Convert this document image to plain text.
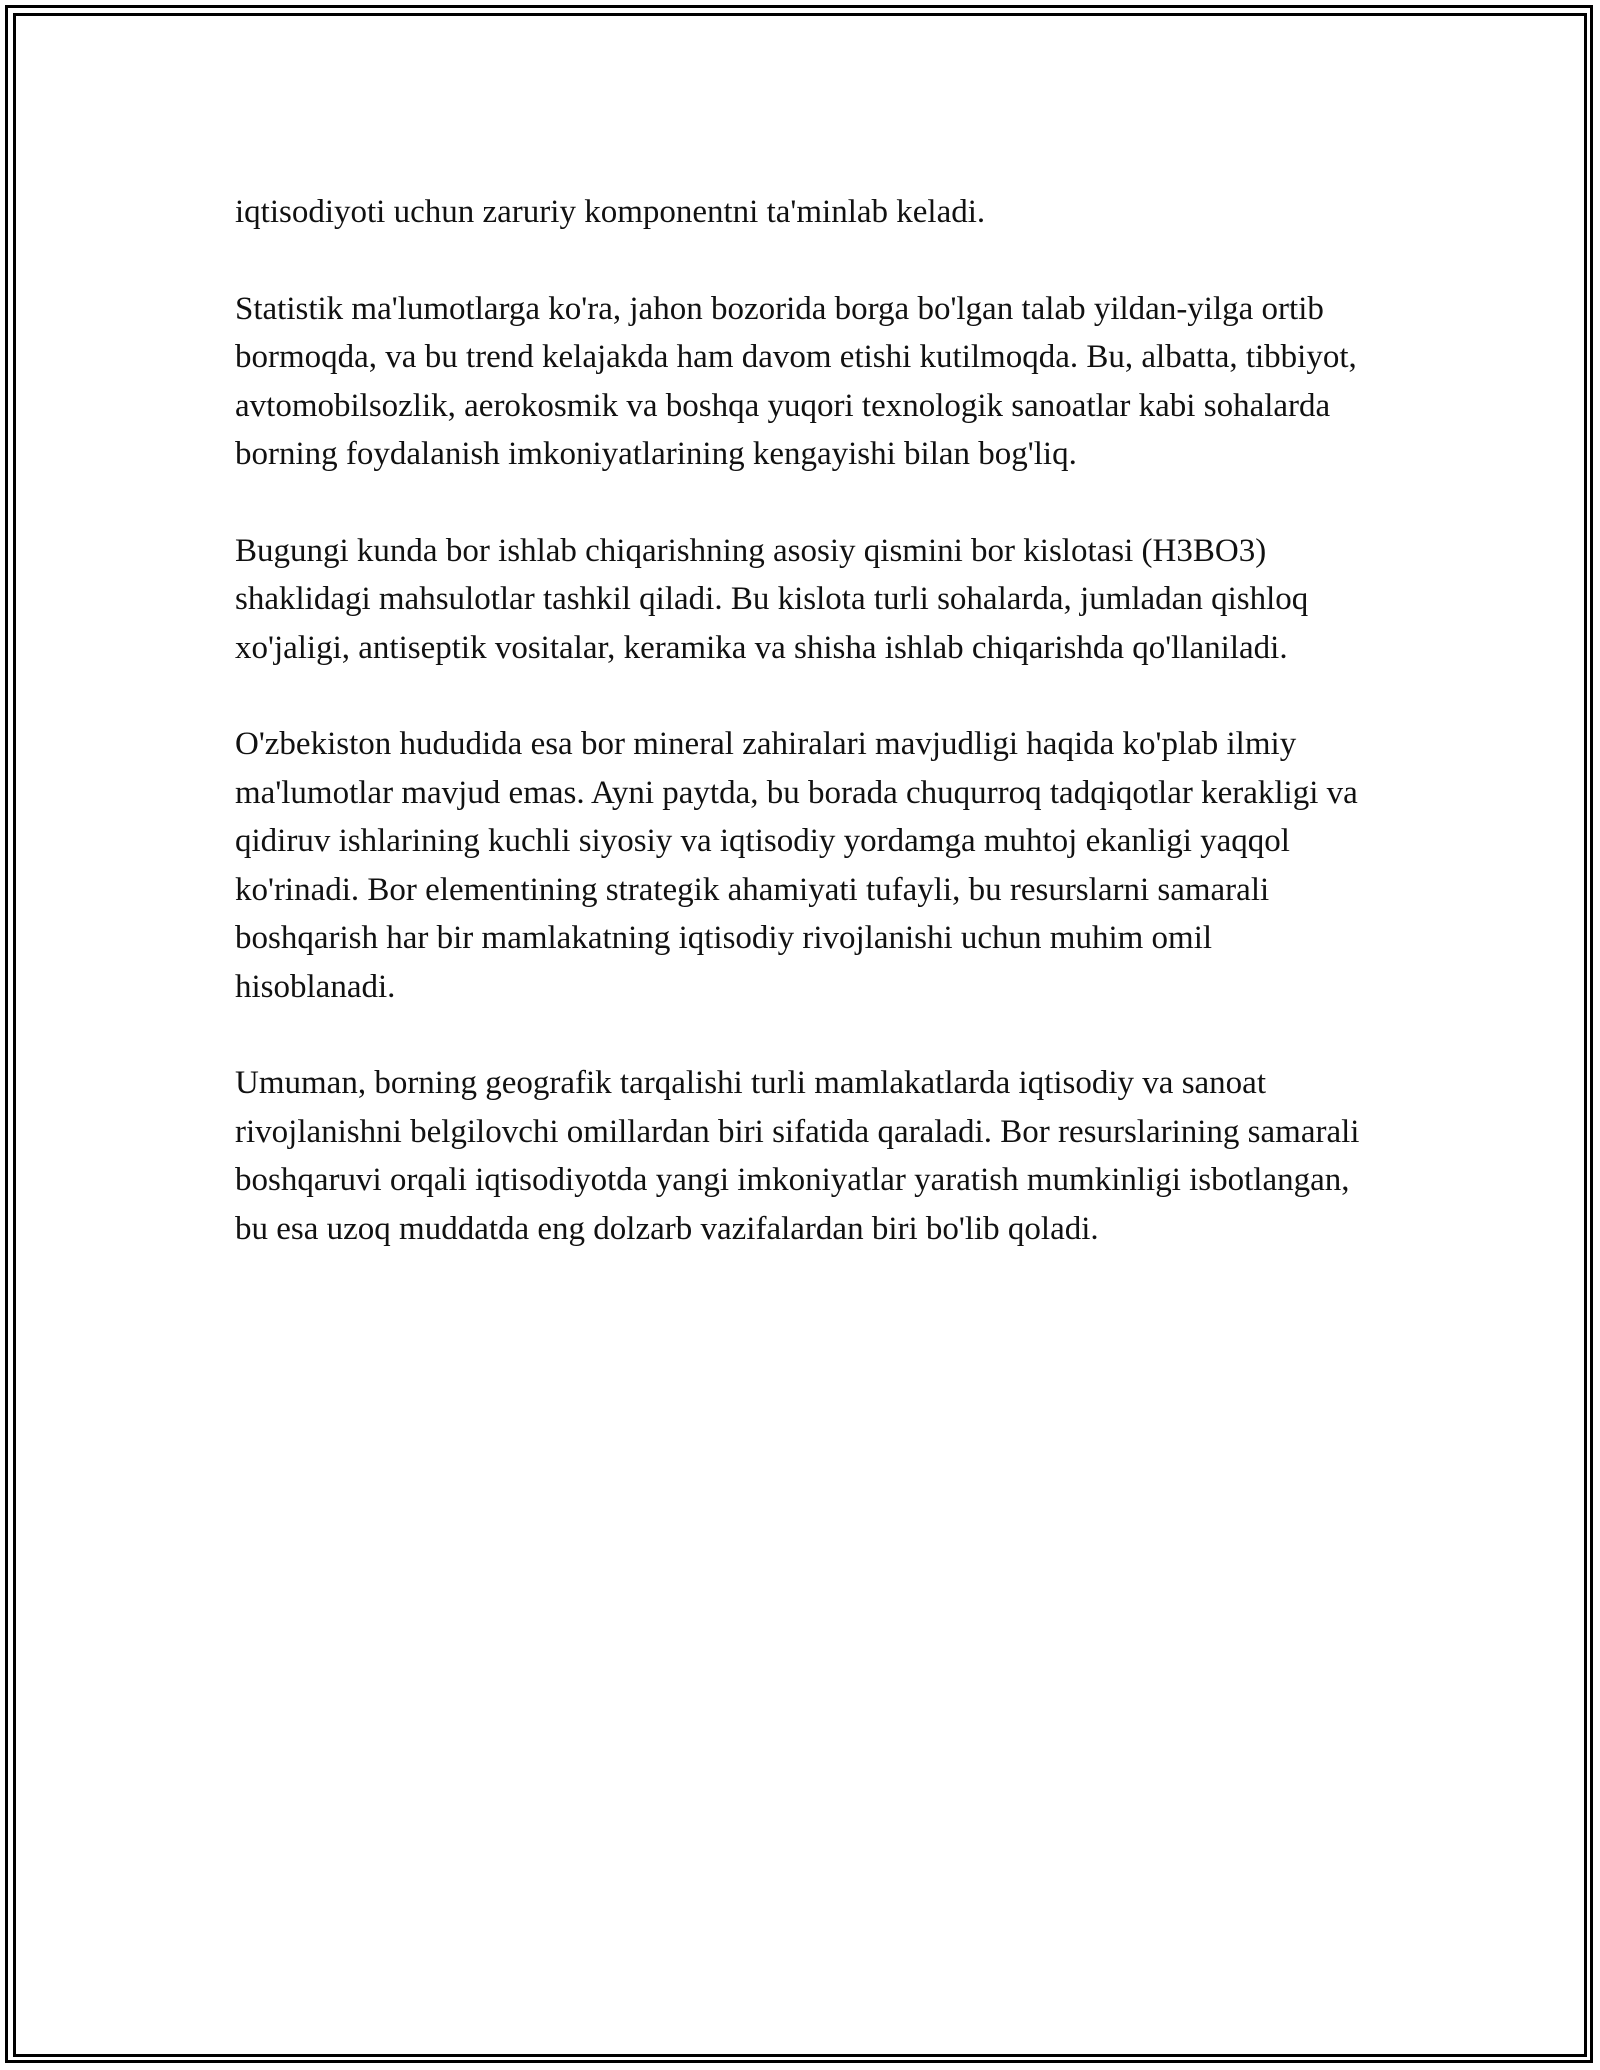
iqtisodiyoti uchun zaruriy komponentni ta'minlab keladi.

Statistik ma'lumotlarga ko'ra, jahon bozorida borga bo'lgan talab yildan-yilga ortib bormoqda, va bu trend kelajakda ham davom etishi kutilmoqda. Bu, albatta, tibbiyot, avtomobilsozlik, aerokosmik va boshqa yuqori texnologik sanoatlar kabi sohalarda borning foydalanish imkoniyatlarining kengayishi bilan bog'liq.

Bugungi kunda bor ishlab chiqarishning asosiy qismini bor kislotasi (H3BO3) shaklidagi mahsulotlar tashkil qiladi. Bu kislota turli sohalarda, jumladan qishloq xo'jaligi, antiseptik vositalar, keramika va shisha ishlab chiqarishda qo'llaniladi.

O'zbekiston hududida esa bor mineral zahiralari mavjudligi haqida ko'plab ilmiy ma'lumotlar mavjud emas. Ayni paytda, bu borada chuqurroq tadqiqotlar kerakligi va qidiruv ishlarining kuchli siyosiy va iqtisodiy yordamga muhtoj ekanligi yaqqol ko'rinadi. Bor elementining strategik ahamiyati tufayli, bu resurslarni samarali boshqarish har bir mamlakatning iqtisodiy rivojlanishi uchun muhim omil hisoblanadi.

Umuman, borning geografik tarqalishi turli mamlakatlarda iqtisodiy va sanoat rivojlanishni belgilovchi omillardan biri sifatida qaraladi. Bor resurslarining samarali boshqaruvi orqali iqtisodiyotda yangi imkoniyatlar yaratish mumkinligi isbotlangan, bu esa uzoq muddatda eng dolzarb vazifalardan biri bo'lib qoladi.
